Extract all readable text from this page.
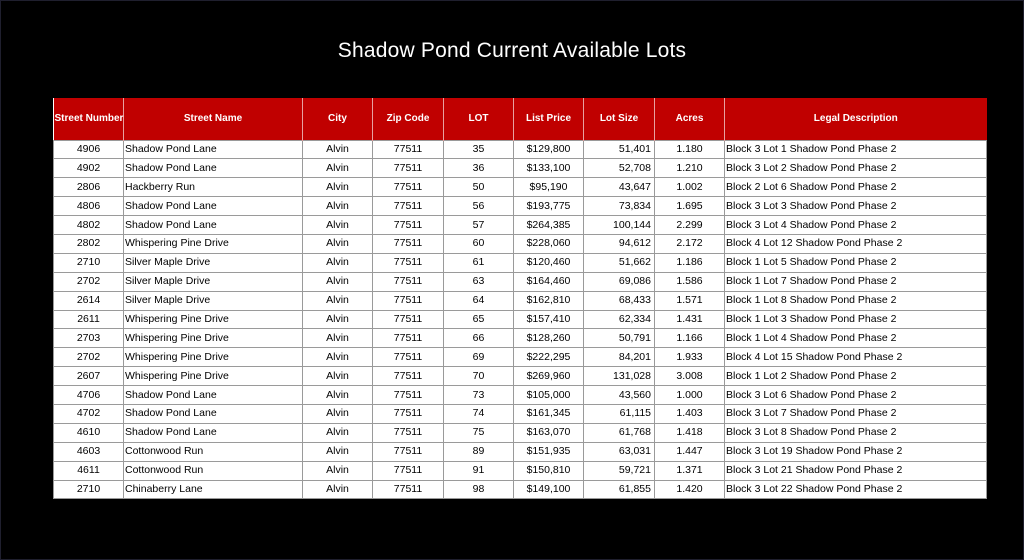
Shadow Pond Current Available Lots
Street Number	Street Name	City	Zip Code	LOT	List Price	Lot Size	Acres	Legal Description
4906	Shadow Pond Lane	Alvin	77511	35	$129,800	51,401	1.180	Block 3 Lot 1 Shadow Pond Phase 2
4902	Shadow Pond Lane	Alvin	77511	36	$133,100	52,708	1.210	Block 3 Lot 2 Shadow Pond Phase 2
2806	Hackberry Run	Alvin	77511	50	$95,190	43,647	1.002	Block 2 Lot 6 Shadow Pond Phase 2
4806	Shadow Pond Lane	Alvin	77511	56	$193,775	73,834	1.695	Block 3 Lot 3 Shadow Pond Phase 2
4802	Shadow Pond Lane	Alvin	77511	57	$264,385	100,144	2.299	Block 3 Lot 4 Shadow Pond Phase 2
2802	Whispering Pine Drive	Alvin	77511	60	$228,060	94,612	2.172	Block 4 Lot 12 Shadow Pond Phase 2
2710	Silver Maple Drive	Alvin	77511	61	$120,460	51,662	1.186	Block 1 Lot 5 Shadow Pond Phase 2
2702	Silver Maple Drive	Alvin	77511	63	$164,460	69,086	1.586	Block 1 Lot 7 Shadow Pond Phase 2
2614	Silver Maple Drive	Alvin	77511	64	$162,810	68,433	1.571	Block 1 Lot 8 Shadow Pond Phase 2
2611	Whispering Pine Drive	Alvin	77511	65	$157,410	62,334	1.431	Block 1 Lot 3 Shadow Pond Phase 2
2703	Whispering Pine Drive	Alvin	77511	66	$128,260	50,791	1.166	Block 1 Lot 4 Shadow Pond Phase 2
2702	Whispering Pine Drive	Alvin	77511	69	$222,295	84,201	1.933	Block 4 Lot 15 Shadow Pond Phase 2
2607	Whispering Pine Drive	Alvin	77511	70	$269,960	131,028	3.008	Block 1 Lot 2 Shadow Pond Phase 2
4706	Shadow Pond Lane	Alvin	77511	73	$105,000	43,560	1.000	Block 3 Lot 6 Shadow Pond Phase 2
4702	Shadow Pond Lane	Alvin	77511	74	$161,345	61,115	1.403	Block 3 Lot 7 Shadow Pond Phase 2
4610	Shadow Pond Lane	Alvin	77511	75	$163,070	61,768	1.418	Block 3 Lot 8 Shadow Pond Phase 2
4603	Cottonwood Run	Alvin	77511	89	$151,935	63,031	1.447	Block 3 Lot 19 Shadow Pond Phase 2
4611	Cottonwood Run	Alvin	77511	91	$150,810	59,721	1.371	Block 3 Lot 21 Shadow Pond Phase 2
2710	Chinaberry Lane	Alvin	77511	98	$149,100	61,855	1.420	Block 3 Lot 22 Shadow Pond Phase 2
